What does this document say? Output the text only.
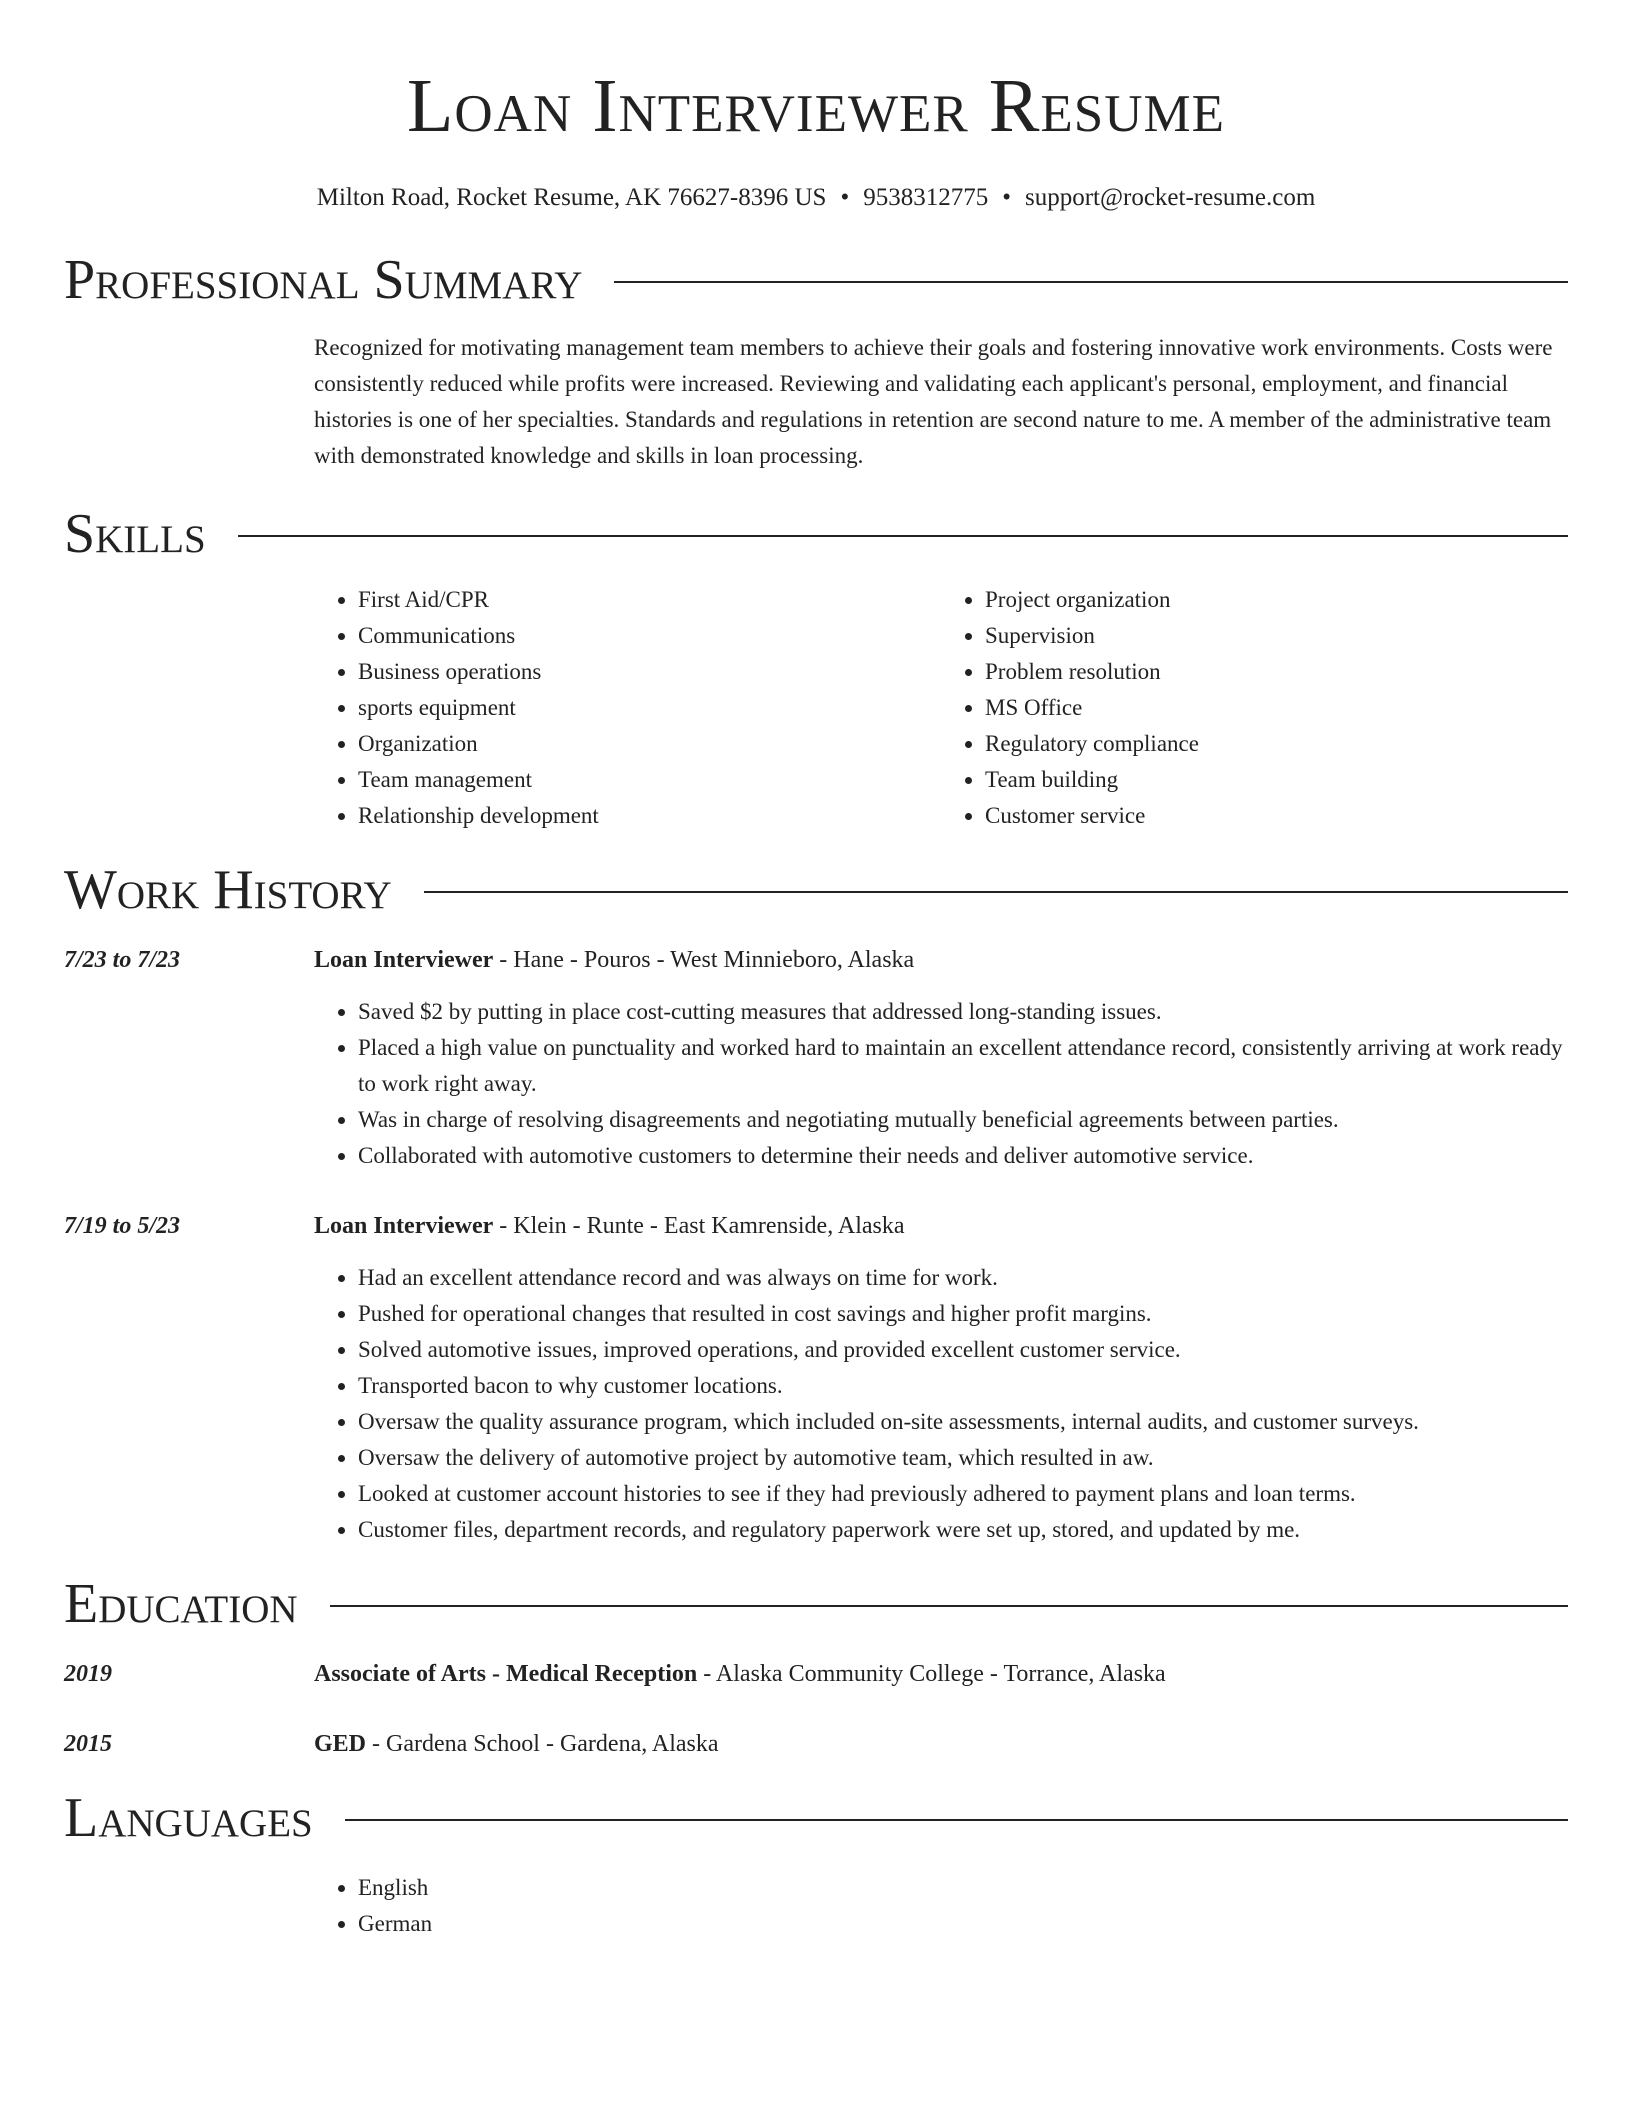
Loan Interviewer Resume
Milton Road, Rocket Resume, AK 76627-8396 US • 9538312775 • support@rocket-resume.com
Professional Summary

Recognized for motivating management team members to achieve their goals and fostering innovative work environments. Costs were consistently reduced while profits were increased. Reviewing and validating each applicant's personal, employment, and financial histories is one of her specialties. Standards and regulations in retention are second nature to me. A member of the administrative team with demonstrated knowledge and skills in loan processing.

Skills
• First Aid/CPR
• Communications
• Business operations
• sports equipment
• Organization
• Team management
• Relationship development
• Project organization
• Supervision
• Problem resolution
• MS Office
• Regulatory compliance
• Team building
• Customer service
Work History
7/23 to 7/23	Loan Interviewer - Hane - Pouros - West Minnieboro, Alaska
• Saved $2 by putting in place cost-cutting measures that addressed long-standing issues.
• Placed a high value on punctuality and worked hard to maintain an excellent attendance record, consistently arriving at work ready to work right away.
• Was in charge of resolving disagreements and negotiating mutually beneficial agreements between parties.
• Collaborated with automotive customers to determine their needs and deliver automotive service.
7/19 to 5/23	Loan Interviewer - Klein - Runte - East Kamrenside, Alaska
• Had an excellent attendance record and was always on time for work.
• Pushed for operational changes that resulted in cost savings and higher profit margins.
• Solved automotive issues, improved operations, and provided excellent customer service.
• Transported bacon to why customer locations.
• Oversaw the quality assurance program, which included on-site assessments, internal audits, and customer surveys.
• Oversaw the delivery of automotive project by automotive team, which resulted in aw.
• Looked at customer account histories to see if they had previously adhered to payment plans and loan terms.
• Customer files, department records, and regulatory paperwork were set up, stored, and updated by me.
Education
2019	Associate of Arts - Medical Reception - Alaska Community College - Torrance, Alaska
2015	GED - Gardena School - Gardena, Alaska
Languages
• English
• German
